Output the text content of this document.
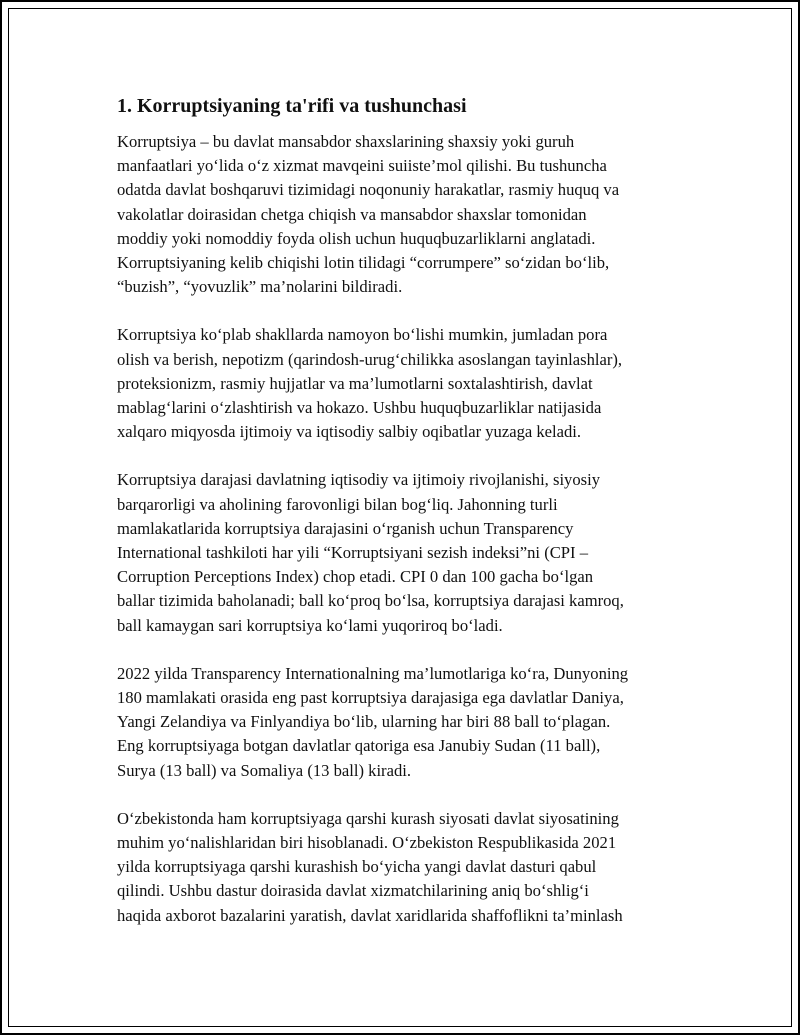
1. Korruptsiyaning ta'rifi va tushunchasi

Korruptsiya – bu davlat mansabdor shaxslarining shaxsiy yoki guruh
manfaatlari yo‘lida o‘z xizmat mavqeini suiiste’mol qilishi. Bu tushuncha
odatda davlat boshqaruvi tizimidagi noqonuniy harakatlar, rasmiy huquq va
vakolatlar doirasidan chetga chiqish va mansabdor shaxslar tomonidan
moddiy yoki nomoddiy foyda olish uchun huquqbuzarliklarni anglatadi.
Korruptsiyaning kelib chiqishi lotin tilidagi “corrumpere” so‘zidan bo‘lib,
“buzish”, “yovuzlik” ma’nolarini bildiradi.

Korruptsiya ko‘plab shakllarda namoyon bo‘lishi mumkin, jumladan pora
olish va berish, nepotizm (qarindosh-urug‘chilikka asoslangan tayinlashlar),
proteksionizm, rasmiy hujjatlar va ma’lumotlarni soxtalashtirish, davlat
mablag‘larini o‘zlashtirish va hokazo. Ushbu huquqbuzarliklar natijasida
xalqaro miqyosda ijtimoiy va iqtisodiy salbiy oqibatlar yuzaga keladi.

Korruptsiya darajasi davlatning iqtisodiy va ijtimoiy rivojlanishi, siyosiy
barqarorligi va aholining farovonligi bilan bog‘liq. Jahonning turli
mamlakatlarida korruptsiya darajasini o‘rganish uchun Transparency
International tashkiloti har yili “Korruptsiyani sezish indeksi”ni (CPI –
Corruption Perceptions Index) chop etadi. CPI 0 dan 100 gacha bo‘lgan
ballar tizimida baholanadi; ball ko‘proq bo‘lsa, korruptsiya darajasi kamroq,
ball kamaygan sari korruptsiya ko‘lami yuqoriroq bo‘ladi.

2022 yilda Transparency Internationalning ma’lumotlariga ko‘ra, Dunyoning
180 mamlakati orasida eng past korruptsiya darajasiga ega davlatlar Daniya,
Yangi Zelandiya va Finlyandiya bo‘lib, ularning har biri 88 ball to‘plagan.
Eng korruptsiyaga botgan davlatlar qatoriga esa Janubiy Sudan (11 ball),
Surya (13 ball) va Somaliya (13 ball) kiradi.

O‘zbekistonda ham korruptsiyaga qarshi kurash siyosati davlat siyosatining
muhim yo‘nalishlaridan biri hisoblanadi. O‘zbekiston Respublikasida 2021
yilda korruptsiyaga qarshi kurashish bo‘yicha yangi davlat dasturi qabul
qilindi. Ushbu dastur doirasida davlat xizmatchilarining aniq bo‘shlig‘i
haqida axborot bazalarini yaratish, davlat xaridlarida shaffoflikni ta’minlash
